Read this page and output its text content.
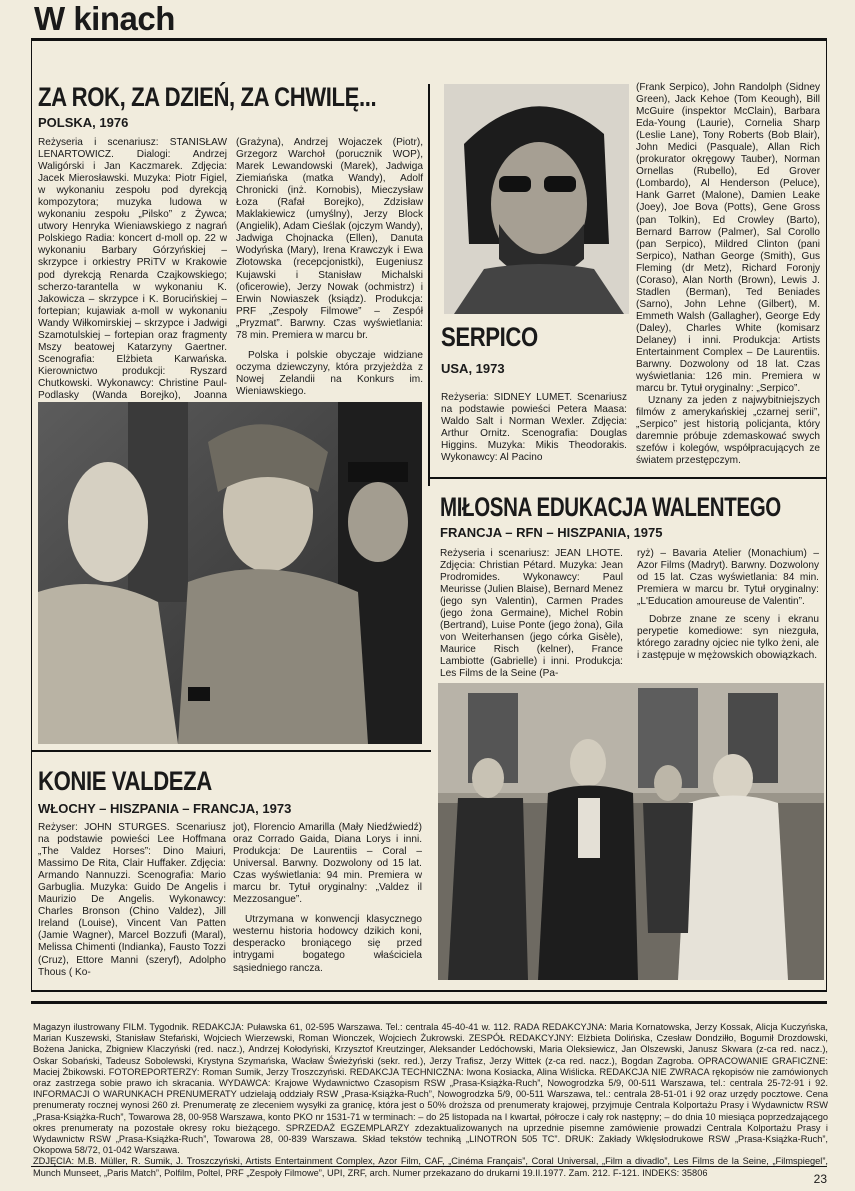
W kinach
ZA ROK, ZA DZIEŃ, ZA CHWILĘ...
POLSKA, 1976

Reżyseria i scenariusz: STANISŁAW LENARTOWICZ. Dialogi: Andrzej Waligórski i Jan Kaczmarek. Zdjęcia: Jacek Mierosławski. Muzyka: Piotr Figiel, w wykonaniu zespołu pod dyrekcją kompozytora; muzyka ludowa w wykonaniu zespołu „Pilsko” z Żywca; utwory Henryka Wieniawskiego z nagrań Polskiego Radia: koncert d-moll op. 22 w wykonaniu Barbary Górzyńskiej – skrzypce i orkiestry PRiTV w Krakowie pod dyrekcją Renarda Czajkowskiego; scherzo-tarantella w wykonaniu K. Jakowicza – skrzypce i K. Borucińskiej – fortepian; kujawiak a-moll w wykonaniu Wandy Wiłkomirskiej – skrzypce i Jadwigi Szamotulskiej – fortepian oraz fragmenty Mszy beatowej Katarzyny Gaertner. Scenografia: Elżbieta Karwańska. Kierownictwo produkcji: Ryszard Chutkowski. Wykonawcy: Christine Paul-Podlasky (Wanda Borejko), Joanna

(Grażyna), Andrzej Wojaczek (Piotr), Grzegorz Warchoł (porucznik WOP), Marek Lewandowski (Marek), Jadwiga Ziemiańska (matka Wandy), Adolf Chronicki (inż. Kornobis), Mieczysław Łoza (Rafał Borejko), Zdzisław Maklakiewicz (umyślny), Jerzy Block (Angielik), Adam Cieślak (ojczym Wandy), Jadwiga Chojnacka (Ellen), Danuta Wodyńska (Mary), Irena Krawczyk i Ewa Złotowska (recepcjonistki), Eugeniusz Kujawski i Stanisław Michalski (oficerowie), Jerzy Nowak (ochmistrz) i Erwin Nowiaszek (ksiądz). Produkcja: PRF „Zespoły Filmowe” – Zespół „Pryzmat”. Barwny. Czas wyświetlania: 78 min. Premiera w marcu br.

Polska i polskie obyczaje widziane oczyma dziewczyny, która przyjeżdża z Nowej Zelandii na Konkurs im. Wieniawskiego.

KONIE VALDEZA
WŁOCHY – HISZPANIA – FRANCJA, 1973

Reżyser: JOHN STURGES. Scenariusz na podstawie powieści Lee Hoffmana „The Valdez Horses”: Dino Maiuri, Massimo De Rita, Clair Huffaker. Zdjęcia: Armando Nannuzzi. Scenografia: Mario Garbuglia. Muzyka: Guido De Angelis i Maurizio De Angelis. Wykonawcy: Charles Bronson (Chino Valdez), Jill Ireland (Louise), Vincent Van Patten (Jamie Wagner), Marcel Bozzufi (Maral), Melissa Chimenti (Indianka), Fausto Tozzi (Cruz), Ettore Manni (szeryf), Adolpho Thous ( Ko-

jot), Florencio Amarilla (Mały Niedźwiedź) oraz Corrado Gaida, Diana Lorys i inni. Produkcja: De Laurentiis – Coral – Universal. Barwny. Dozwolony od 15 lat. Czas wyświetlania: 94 min. Premiera w marcu br. Tytuł oryginalny: „Valdez il Mezzosangue”.

Utrzymana w konwencji klasycznego westernu historia hodowcy dzikich koni, desperacko broniącego się przed intrygami bogatego właściciela sąsiedniego rancza.

SERPICO
USA, 1973

Reżyseria: SIDNEY LUMET. Scenariusz na podstawie powieści Petera Maasa: Waldo Salt i Norman Wexler. Zdjęcia: Arthur Ornitz. Scenografia: Douglas Higgins. Muzyka: Mikis Theodorakis. Wykonawcy: Al Pacino

(Frank Serpico), John Randolph (Sidney Green), Jack Kehoe (Tom Keough), Bill McGuire (inspektor McClain), Barbara Eda-Young (Laurie), Cornelia Sharp (Leslie Lane), Tony Roberts (Bob Blair), John Medici (Pasquale), Allan Rich (prokurator okręgowy Tauber), Norman Ornellas (Rubello), Ed Grover (Lombardo), Al Henderson (Peluce), Hank Garret (Malone), Damien Leake (Joey), Joe Bova (Potts), Gene Gross (pan Tolkin), Ed Crowley (Barto), Bernard Barrow (Palmer), Sal Corollo (pan Serpico), Mildred Clinton (pani Serpico), Nathan George (Smith), Gus Fleming (dr Metz), Richard Foronjy (Coraso), Alan North (Brown), Lewis J. Stadlen (Berman), Ted Beniades (Sarno), John Lehne (Gilbert), M. Emmeth Walsh (Gallagher), George Edy (Daley), Charles White (komisarz Delaney) i inni. Produkcja: Artists Entertainment Complex – De Laurentiis. Barwny. Dozwolony od 18 lat. Czas wyświetlania: 126 min. Premiera w marcu br. Tytuł oryginalny: „Serpico”.

Uznany za jeden z najwybitniejszych filmów z amerykańskiej „czarnej serii”, „Serpico” jest historią policjanta, który daremnie próbuje zdemaskować swych szefów i kolegów, współpracujących ze światem przestępczym.

MIŁOSNA EDUKACJA WALENTEGO
FRANCJA – RFN – HISZPANIA, 1975

Reżyseria i scenariusz: JEAN LHOTE. Zdjęcia: Christian Pétard. Muzyka: Jean Prodromides. Wykonawcy: Paul Meurisse (Julien Blaise), Bernard Menez (jego syn Valentin), Carmen Prades (jego żona Germaine), Michel Robin (Bertrand), Luise Ponte (jego żona), Gila von Weiterhansen (jego córka Gisèle), Maurice Risch (kelner), France Lambiotte (Gabrielle) i inni. Produkcja: Les Films de la Seine (Pa-

ryż) – Bavaria Atelier (Monachium) – Azor Films (Madryt). Barwny. Dozwolony od 15 lat. Czas wyświetlania: 84 min. Premiera w marcu br. Tytuł oryginalny: „L'Education amoureuse de Valentin”.

Dobrze znane ze sceny i ekranu perypetie komediowe: syn niezguła, którego zaradny ojciec nie tylko żeni, ale i zastępuje w mężowskich obowiązkach.

Magazyn ilustrowany FILM. Tygodnik. REDAKCJA: Puławska 61, 02-595 Warszawa. Tel.: centrala 45-40-41 w. 112. RADA REDAKCYJNA: Maria Kornatowska, Jerzy Kossak, Alicja Kuczyńska, Marian Kuszewski, Stanisław Stefański, Wojciech Wierzewski, Roman Wionczek, Wojciech Żukrowski. ZESPÓŁ REDAKCYJNY: Elżbieta Dolińska, Czesław Dondziłło, Bogumił Drozdowski, Bożena Janicka, Zbigniew Klaczyński (red. nacz.), Andrzej Kołodyński, Krzysztof Kreutzinger, Aleksander Ledóchowski, Maria Oleksiewicz, Jan Olszewski, Janusz Skwara (z-ca red. nacz.), Oskar Sobański, Tadeusz Sobolewski, Krystyna Szymańska, Wacław Świeżyński (sekr. red.), Jerzy Trafisz, Jerzy Wittek (z-ca red. nacz.), Bogdan Zagroba. OPRACOWANIE GRAFICZNE: Maciej Żbikowski. FOTOREPORTERZY: Roman Sumik, Jerzy Troszczyński. REDAKCJA TECHNICZNA: Iwona Kosiacka, Alina Wiślicka. REDAKCJA NIE ZWRACA rękopisów nie zamówionych oraz zastrzega sobie prawo ich skracania. WYDAWCA: Krajowe Wydawnictwo Czasopism RSW „Prasa-Książka-Ruch”, Nowogrodzka 5/9, 00-511 Warszawa, tel.: centrala 25-72-91 i 92. INFORMACJI O WARUNKACH PRENUMERATY udzielają oddziały RSW „Prasa-Książka-Ruch”, Nowogrodzka 5/9, 00-511 Warszawa, tel.: centrala 28-51-01 i 92 oraz urzędy pocztowe. Cena prenumeraty rocznej wynosi 260 zł. Prenumeratę ze zleceniem wysyłki za granicę, która jest o 50% droższa od prenumeraty krajowej, przyjmuje Centrala Kolportażu Prasy i Wydawnictw RSW „Prasa-Książka-Ruch”, Towarowa 28, 00-958 Warszawa, konto PKO nr 1531-71 w terminach: – do 25 listopada na I kwartał, półrocze i cały rok następny; – do dnia 10 miesiąca poprzedzającego okres prenumeraty na pozostałe okresy roku bieżącego. SPRZEDAŻ EGZEMPLARZY zdezaktualizowanych na uprzednie pisemne zamówienie prowadzi Centrala Kolportażu Prasy i Wydawnictw RSW „Prasa-Książka-Ruch”, Towarowa 28, 00-839 Warszawa. Skład tekstów techniką „LINOTRON 505 TC”. DRUK: Zakłady Wklęsłodrukowe RSW „Prasa-Książka-Ruch”, Okopowa 58/72, 01-042 Warszawa.

ZDJĘCIA: M.B. Müller, R. Sumik, J. Troszczyński, Artists Entertainment Complex, Azor Film, CAF, „Cinéma Français”, Coral Universal, „Film a divadlo”, Les Films de la Seine, „Filmspiegel”, Munch Munseet, „Paris Match”, Polfilm, Poltel, PRF „Zespoły Filmowe”, UPI, ZRF, arch. Numer przekazano do drukarni 19.II.1977. Zam. 212. F-121. INDEKS: 35806	23
